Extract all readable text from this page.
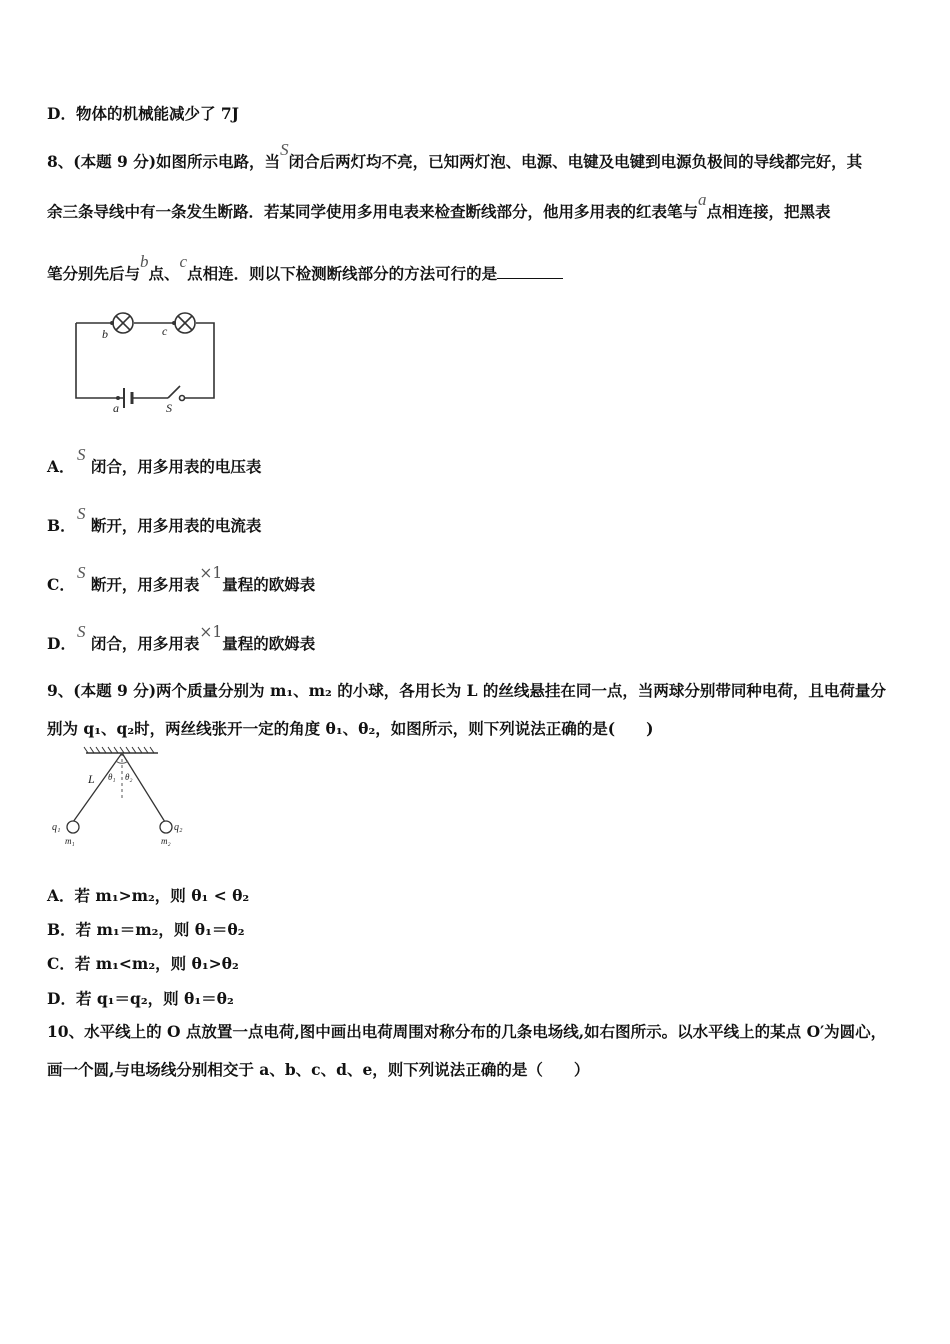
D．物体的机械能减少了 7J
8、(本题 9 分)如图所示电路，当S闭合后两灯均不亮，已知两灯泡、电源、电键及电键到电源负极间的导线都完好，其
余三条导线中有一条发生断路．若某同学使用多用电表来检查断线部分，他用多用表的红表笔与a点相连接，把黑表
笔分别先后与b点、c点相连．则以下检测断线部分的方法可行的是
b	c
a	S
A．S 闭合，用多用表的电压表
B．S 断开，用多用表的电流表
C．S 断开，用多用表×1量程的欧姆表
D．S 闭合，用多用表×1量程的欧姆表
9、(本题 9 分)两个质量分别为 m₁、m₂ 的小球，各用长为 L 的丝线悬挂在同一点，当两球分别带同种电荷，且电荷量分
别为 q₁、q₂时，两丝线张开一定的角度 θ₁、θ₂，如图所示，则下列说法正确的是(　　)
L θ₁ θ₂
q₁	q₂
m₁	m₂
A．若 m₁>m₂，则 θ₁ < θ₂
B．若 m₁＝m₂，则 θ₁＝θ₂
C．若 m₁<m₂，则 θ₁>θ₂
D．若 q₁＝q₂，则 θ₁＝θ₂
10、水平线上的 O 点放置一点电荷,图中画出电荷周围对称分布的几条电场线,如右图所示。以水平线上的某点 O′为圆心，
画一个圆,与电场线分别相交于 a、b、c、d、e，则下列说法正确的是（　　）
